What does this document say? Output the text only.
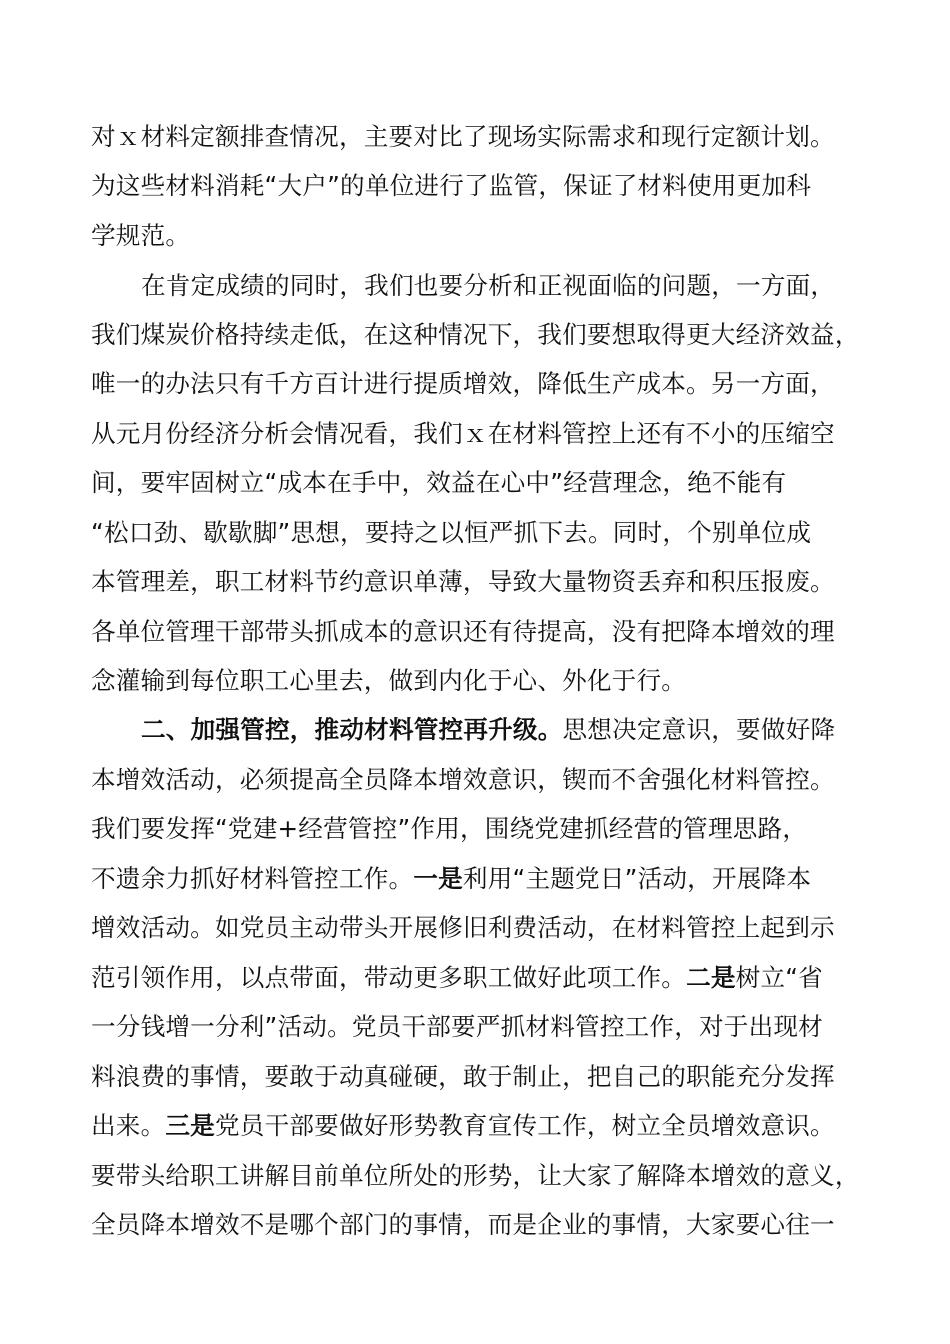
对ｘ材料定额排查情况，主要对比了现场实际需求和现行定额计划。
为这些材料消耗“大户”的单位进行了监管，保证了材料使用更加科
学规范。
在肯定成绩的同时，我们也要分析和正视面临的问题，一方面，
我们煤炭价格持续走低，在这种情况下，我们要想取得更大经济效益，
唯一的办法只有千方百计进行提质增效，降低生产成本。另一方面，
从元月份经济分析会情况看，我们ｘ在材料管控上还有不小的压缩空
间，要牢固树立“成本在手中，效益在心中”经营理念，绝不能有
“松口劲、歇歇脚”思想，要持之以恒严抓下去。同时，个别单位成
本管理差，职工材料节约意识单薄，导致大量物资丢弃和积压报废。
各单位管理干部带头抓成本的意识还有待提高，没有把降本增效的理
念灌输到每位职工心里去，做到内化于心、外化于行。
二、加强管控，推动材料管控再升级。思想决定意识，要做好降
本增效活动，必须提高全员降本增效意识，锲而不舍强化材料管控。
我们要发挥“党建+经营管控”作用，围绕党建抓经营的管理思路，
不遗余力抓好材料管控工作。一是利用“主题党日”活动，开展降本
增效活动。如党员主动带头开展修旧利费活动，在材料管控上起到示
范引领作用，以点带面，带动更多职工做好此项工作。二是树立“省
一分钱增一分利”活动。党员干部要严抓材料管控工作，对于出现材
料浪费的事情，要敢于动真碰硬，敢于制止，把自己的职能充分发挥
出来。三是党员干部要做好形势教育宣传工作，树立全员增效意识。
要带头给职工讲解目前单位所处的形势，让大家了解降本增效的意义，
全员降本增效不是哪个部门的事情，而是企业的事情，大家要心往一
